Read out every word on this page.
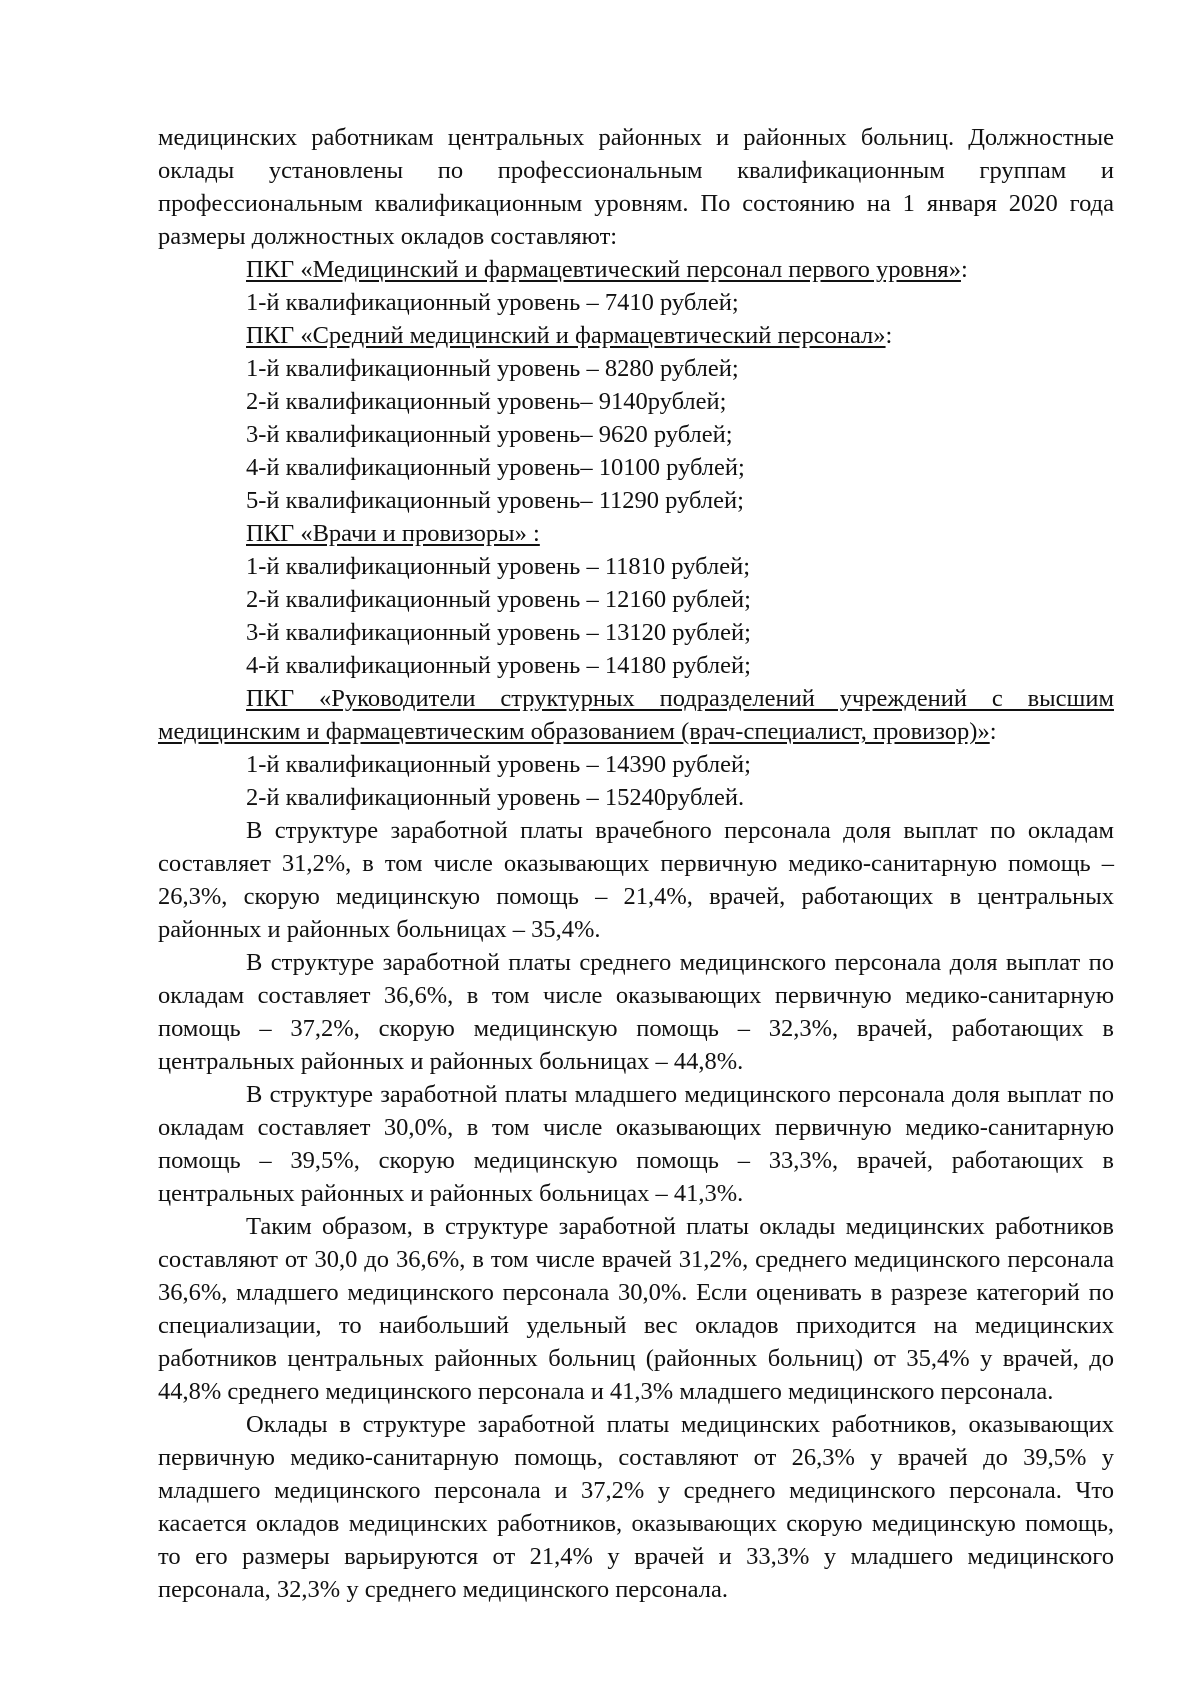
медицинских работникам центральных районных и районных больниц. Должностные оклады установлены по профессиональным квалификационным группам и профессиональным квалификационным уровням. По состоянию на 1 января 2020 года размеры должностных окладов составляют:

ПКГ «Медицинский и фармацевтический персонал первого уровня»:

1-й квалификационный уровень – 7410 рублей;

ПКГ «Средний медицинский и фармацевтический персонал»:

1-й квалификационный уровень – 8280 рублей;

2-й квалификационный уровень– 9140рублей;

3-й квалификационный уровень– 9620 рублей;

4-й квалификационный уровень– 10100 рублей;

5-й квалификационный уровень– 11290 рублей;

ПКГ «Врачи и провизоры» :

1-й квалификационный уровень – 11810 рублей;

2-й квалификационный уровень – 12160 рублей;

3-й квалификационный уровень – 13120 рублей;

4-й квалификационный уровень – 14180 рублей;

ПКГ «Руководители структурных подразделений учреждений с высшим медицинским и фармацевтическим образованием (врач-специалист, провизор)»:

1-й квалификационный уровень – 14390 рублей;

2-й квалификационный уровень – 15240рублей.

В структуре заработной платы врачебного персонала доля выплат по окладам составляет 31,2%, в том числе оказывающих первичную медико-санитарную помощь – 26,3%, скорую медицинскую помощь – 21,4%, врачей, работающих в центральных районных и районных больницах – 35,4%.

В структуре заработной платы среднего медицинского персонала доля выплат по окладам составляет 36,6%, в том числе оказывающих первичную медико-санитарную помощь – 37,2%, скорую медицинскую помощь – 32,3%, врачей, работающих в центральных районных и районных больницах – 44,8%.

В структуре заработной платы младшего медицинского персонала доля выплат по окладам составляет 30,0%, в том числе оказывающих первичную медико-санитарную помощь – 39,5%, скорую медицинскую помощь – 33,3%, врачей, работающих в центральных районных и районных больницах – 41,3%.

Таким образом, в структуре заработной платы оклады медицинских работников составляют от 30,0 до 36,6%, в том числе врачей 31,2%, среднего медицинского персонала 36,6%, младшего медицинского персонала 30,0%. Если оценивать в разрезе категорий по специализации, то наибольший удельный вес окладов приходится на медицинских работников центральных районных больниц (районных больниц) от 35,4% у врачей, до 44,8% среднего медицинского персонала и 41,3% младшего медицинского персонала.

Оклады в структуре заработной платы медицинских работников, оказывающих первичную медико-санитарную помощь, составляют от 26,3% у врачей до 39,5% у младшего медицинского персонала и 37,2% у среднего медицинского персонала. Что касается окладов медицинских работников, оказывающих скорую медицинскую помощь, то его размеры варьируются от 21,4% у врачей и 33,3% у младшего медицинского персонала, 32,3% у среднего медицинского персонала.
